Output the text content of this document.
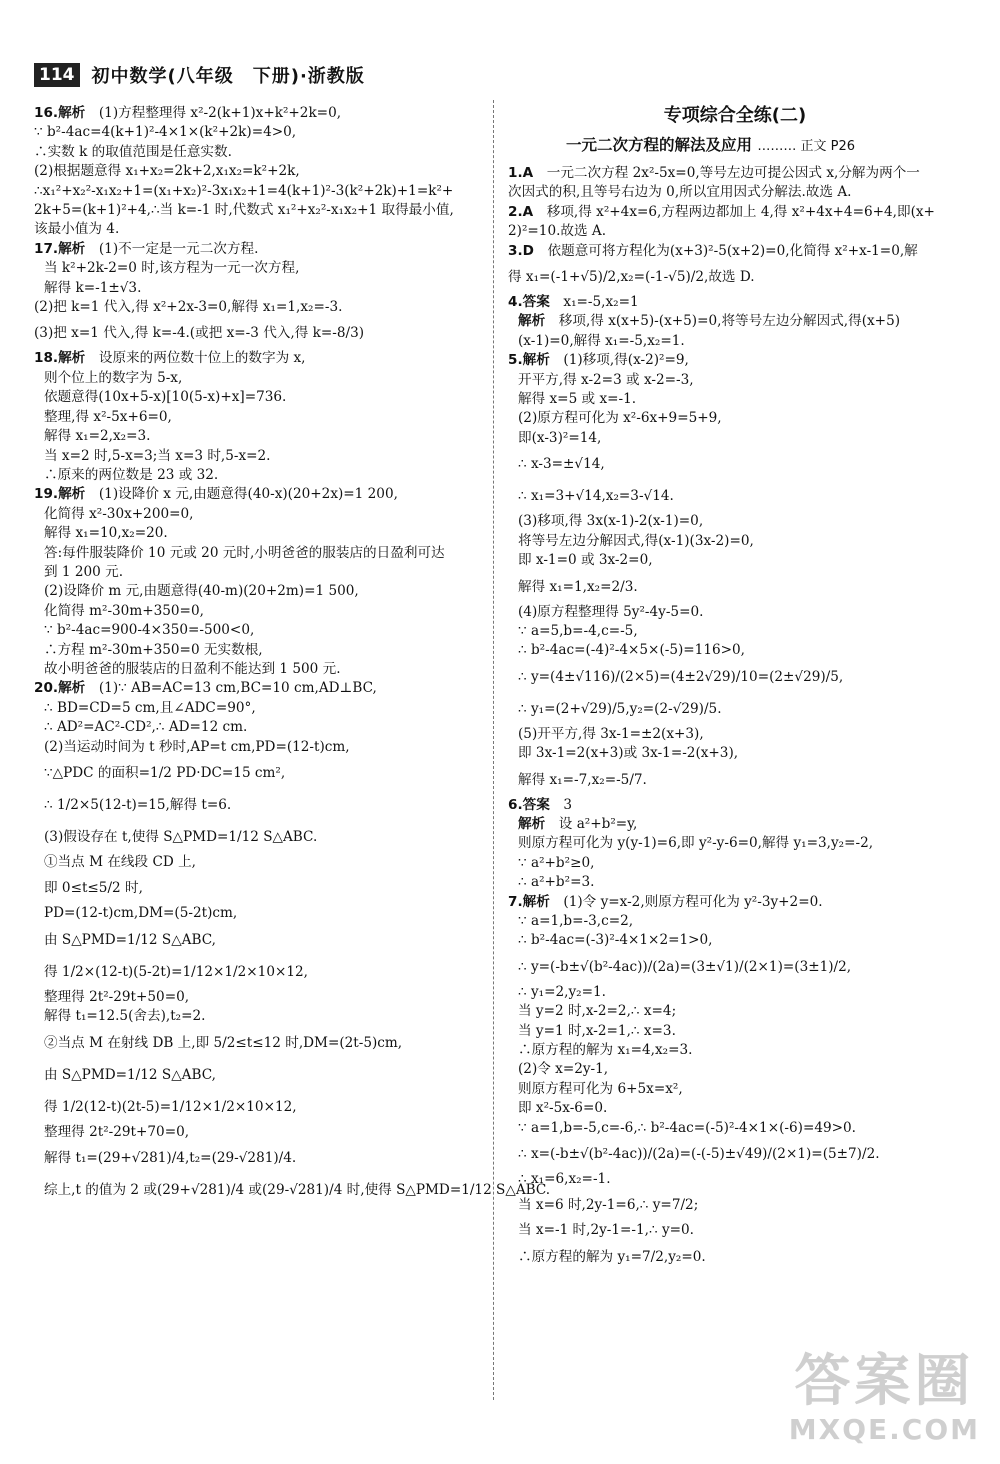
114 初中数学(八年级　下册)·浙教版
16.解析　(1)方程整理得 x²-2(k+1)x+k²+2k=0,
∵ b²-4ac=4(k+1)²-4×1×(k²+2k)=4>0,
∴实数 k 的取值范围是任意实数.
(2)根据题意得 x₁+x₂=2k+2,x₁x₂=k²+2k,
∴x₁²+x₂²-x₁x₂+1=(x₁+x₂)²-3x₁x₂+1=4(k+1)²-3(k²+2k)+1=k²+
2k+5=(k+1)²+4,∴当 k=-1 时,代数式 x₁²+x₂²-x₁x₂+1 取得最小值,
该最小值为 4.
17.解析　(1)不一定是一元二次方程.
当 k²+2k-2=0 时,该方程为一元一次方程,
解得 k=-1±√3.
(2)把 k=1 代入,得 x²+2x-3=0,解得 x₁=1,x₂=-3.
(3)把 x=1 代入,得 k=-4.(或把 x=-3 代入,得 k=-8/3)
18.解析　设原来的两位数十位上的数字为 x,
则个位上的数字为 5-x,
依题意得(10x+5-x)[10(5-x)+x]=736.
整理,得 x²-5x+6=0,
解得 x₁=2,x₂=3.
当 x=2 时,5-x=3;当 x=3 时,5-x=2.
∴原来的两位数是 23 或 32.
19.解析　(1)设降价 x 元,由题意得(40-x)(20+2x)=1 200,
化简得 x²-30x+200=0,
解得 x₁=10,x₂=20.
答:每件服装降价 10 元或 20 元时,小明爸爸的服装店的日盈利可达
到 1 200 元.
(2)设降价 m 元,由题意得(40-m)(20+2m)=1 500,
化简得 m²-30m+350=0,
∵ b²-4ac=900-4×350=-500<0,
∴方程 m²-30m+350=0 无实数根,
故小明爸爸的服装店的日盈利不能达到 1 500 元.
20.解析　(1)∵ AB=AC=13 cm,BC=10 cm,AD⊥BC,
∴ BD=CD=5 cm,且∠ADC=90°,
∴ AD²=AC²-CD²,∴ AD=12 cm.
(2)当运动时间为 t 秒时,AP=t cm,PD=(12-t)cm,
∵△PDC 的面积=1/2 PD·DC=15 cm²,
∴ 1/2×5(12-t)=15,解得 t=6.
(3)假设存在 t,使得 S△PMD=1/12 S△ABC.
①当点 M 在线段 CD 上,
即 0≤t≤5/2 时,
PD=(12-t)cm,DM=(5-2t)cm,
由 S△PMD=1/12 S△ABC,
得 1/2×(12-t)(5-2t)=1/12×1/2×10×12,
整理得 2t²-29t+50=0,
解得 t₁=12.5(舍去),t₂=2.
②当点 M 在射线 DB 上,即 5/2≤t≤12 时,DM=(2t-5)cm,
由 S△PMD=1/12 S△ABC,
得 1/2(12-t)(2t-5)=1/12×1/2×10×12,
整理得 2t²-29t+70=0,
解得 t₁=(29+√281)/4,t₂=(29-√281)/4.
综上,t 的值为 2 或(29+√281)/4 或(29-√281)/4 时,使得 S△PMD=1/12 S△ABC.
专项综合全练(二)
一元二次方程的解法及应用 ……… 正文 P26
1.A　一元二次方程 2x²-5x=0,等号左边可提公因式 x,分解为两个一
次因式的积,且等号右边为 0,所以宜用因式分解法.故选 A.
2.A　移项,得 x²+4x=6,方程两边都加上 4,得 x²+4x+4=6+4,即(x+
2)²=10.故选 A.
3.D　依题意可将方程化为(x+3)²-5(x+2)=0,化简得 x²+x-1=0,解
得 x₁=(-1+√5)/2,x₂=(-1-√5)/2,故选 D.
4.答案　x₁=-5,x₂=1
解析　移项,得 x(x+5)-(x+5)=0,将等号左边分解因式,得(x+5)
(x-1)=0,解得 x₁=-5,x₂=1.
5.解析　(1)移项,得(x-2)²=9,
开平方,得 x-2=3 或 x-2=-3,
解得 x=5 或 x=-1.
(2)原方程可化为 x²-6x+9=5+9,
即(x-3)²=14,
∴ x-3=±√14,
∴ x₁=3+√14,x₂=3-√14.
(3)移项,得 3x(x-1)-2(x-1)=0,
将等号左边分解因式,得(x-1)(3x-2)=0,
即 x-1=0 或 3x-2=0,
解得 x₁=1,x₂=2/3.
(4)原方程整理得 5y²-4y-5=0.
∵ a=5,b=-4,c=-5,
∴ b²-4ac=(-4)²-4×5×(-5)=116>0,
∴ y=(4±√116)/(2×5)=(4±2√29)/10=(2±√29)/5,
∴ y₁=(2+√29)/5,y₂=(2-√29)/5.
(5)开平方,得 3x-1=±2(x+3),
即 3x-1=2(x+3)或 3x-1=-2(x+3),
解得 x₁=-7,x₂=-5/7.
6.答案　3
解析　设 a²+b²=y,
则原方程可化为 y(y-1)=6,即 y²-y-6=0,解得 y₁=3,y₂=-2,
∵ a²+b²≥0,
∴ a²+b²=3.
7.解析　(1)令 y=x-2,则原方程可化为 y²-3y+2=0.
∵ a=1,b=-3,c=2,
∴ b²-4ac=(-3)²-4×1×2=1>0,
∴ y=(-b±√(b²-4ac))/(2a)=(3±√1)/(2×1)=(3±1)/2,
∴ y₁=2,y₂=1.
当 y=2 时,x-2=2,∴ x=4;
当 y=1 时,x-2=1,∴ x=3.
∴原方程的解为 x₁=4,x₂=3.
(2)令 x=2y-1,
则原方程可化为 6+5x=x²,
即 x²-5x-6=0.
∵ a=1,b=-5,c=-6,∴ b²-4ac=(-5)²-4×1×(-6)=49>0.
∴ x=(-b±√(b²-4ac))/(2a)=(-(-5)±√49)/(2×1)=(5±7)/2.
∴ x₁=6,x₂=-1.
当 x=6 时,2y-1=6,∴ y=7/2;
当 x=-1 时,2y-1=-1,∴ y=0.
∴原方程的解为 y₁=7/2,y₂=0.
答案圈
MXQE.COM
